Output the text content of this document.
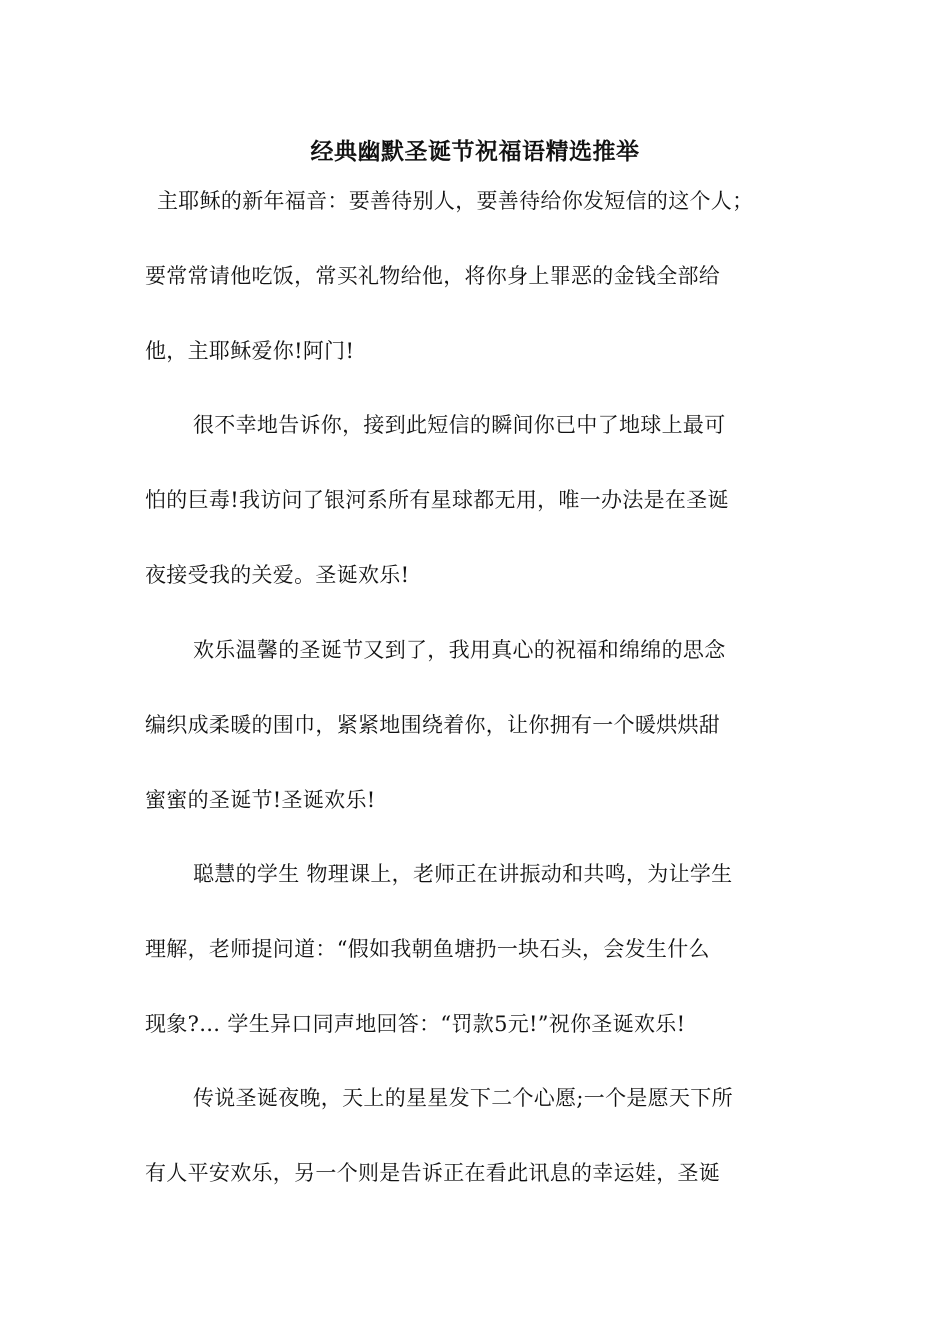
经典幽默圣诞节祝福语精选推举
主耶稣的新年福音：要善待别人，要善待给你发短信的这个人；
要常常请他吃饭，常买礼物给他，将你身上罪恶的金钱全部给
他，主耶稣爱你!阿门!
很不幸地告诉你，接到此短信的瞬间你已中了地球上最可
怕的巨毒!我访问了银河系所有星球都无用，唯一办法是在圣诞
夜接受我的关爱。圣诞欢乐!
欢乐温馨的圣诞节又到了，我用真心的祝福和绵绵的思念
编织成柔暖的围巾，紧紧地围绕着你，让你拥有一个暖烘烘甜
蜜蜜的圣诞节!圣诞欢乐!
聪慧的学生 物理课上，老师正在讲振动和共鸣，为让学生
理解，老师提问道：“假如我朝鱼塘扔一块石头，会发生什么
现象?… 学生异口同声地回答：“罚款5元!”祝你圣诞欢乐!
传说圣诞夜晚，天上的星星发下二个心愿;一个是愿天下所
有人平安欢乐，另一个则是告诉正在看此讯息的幸运娃，圣诞
